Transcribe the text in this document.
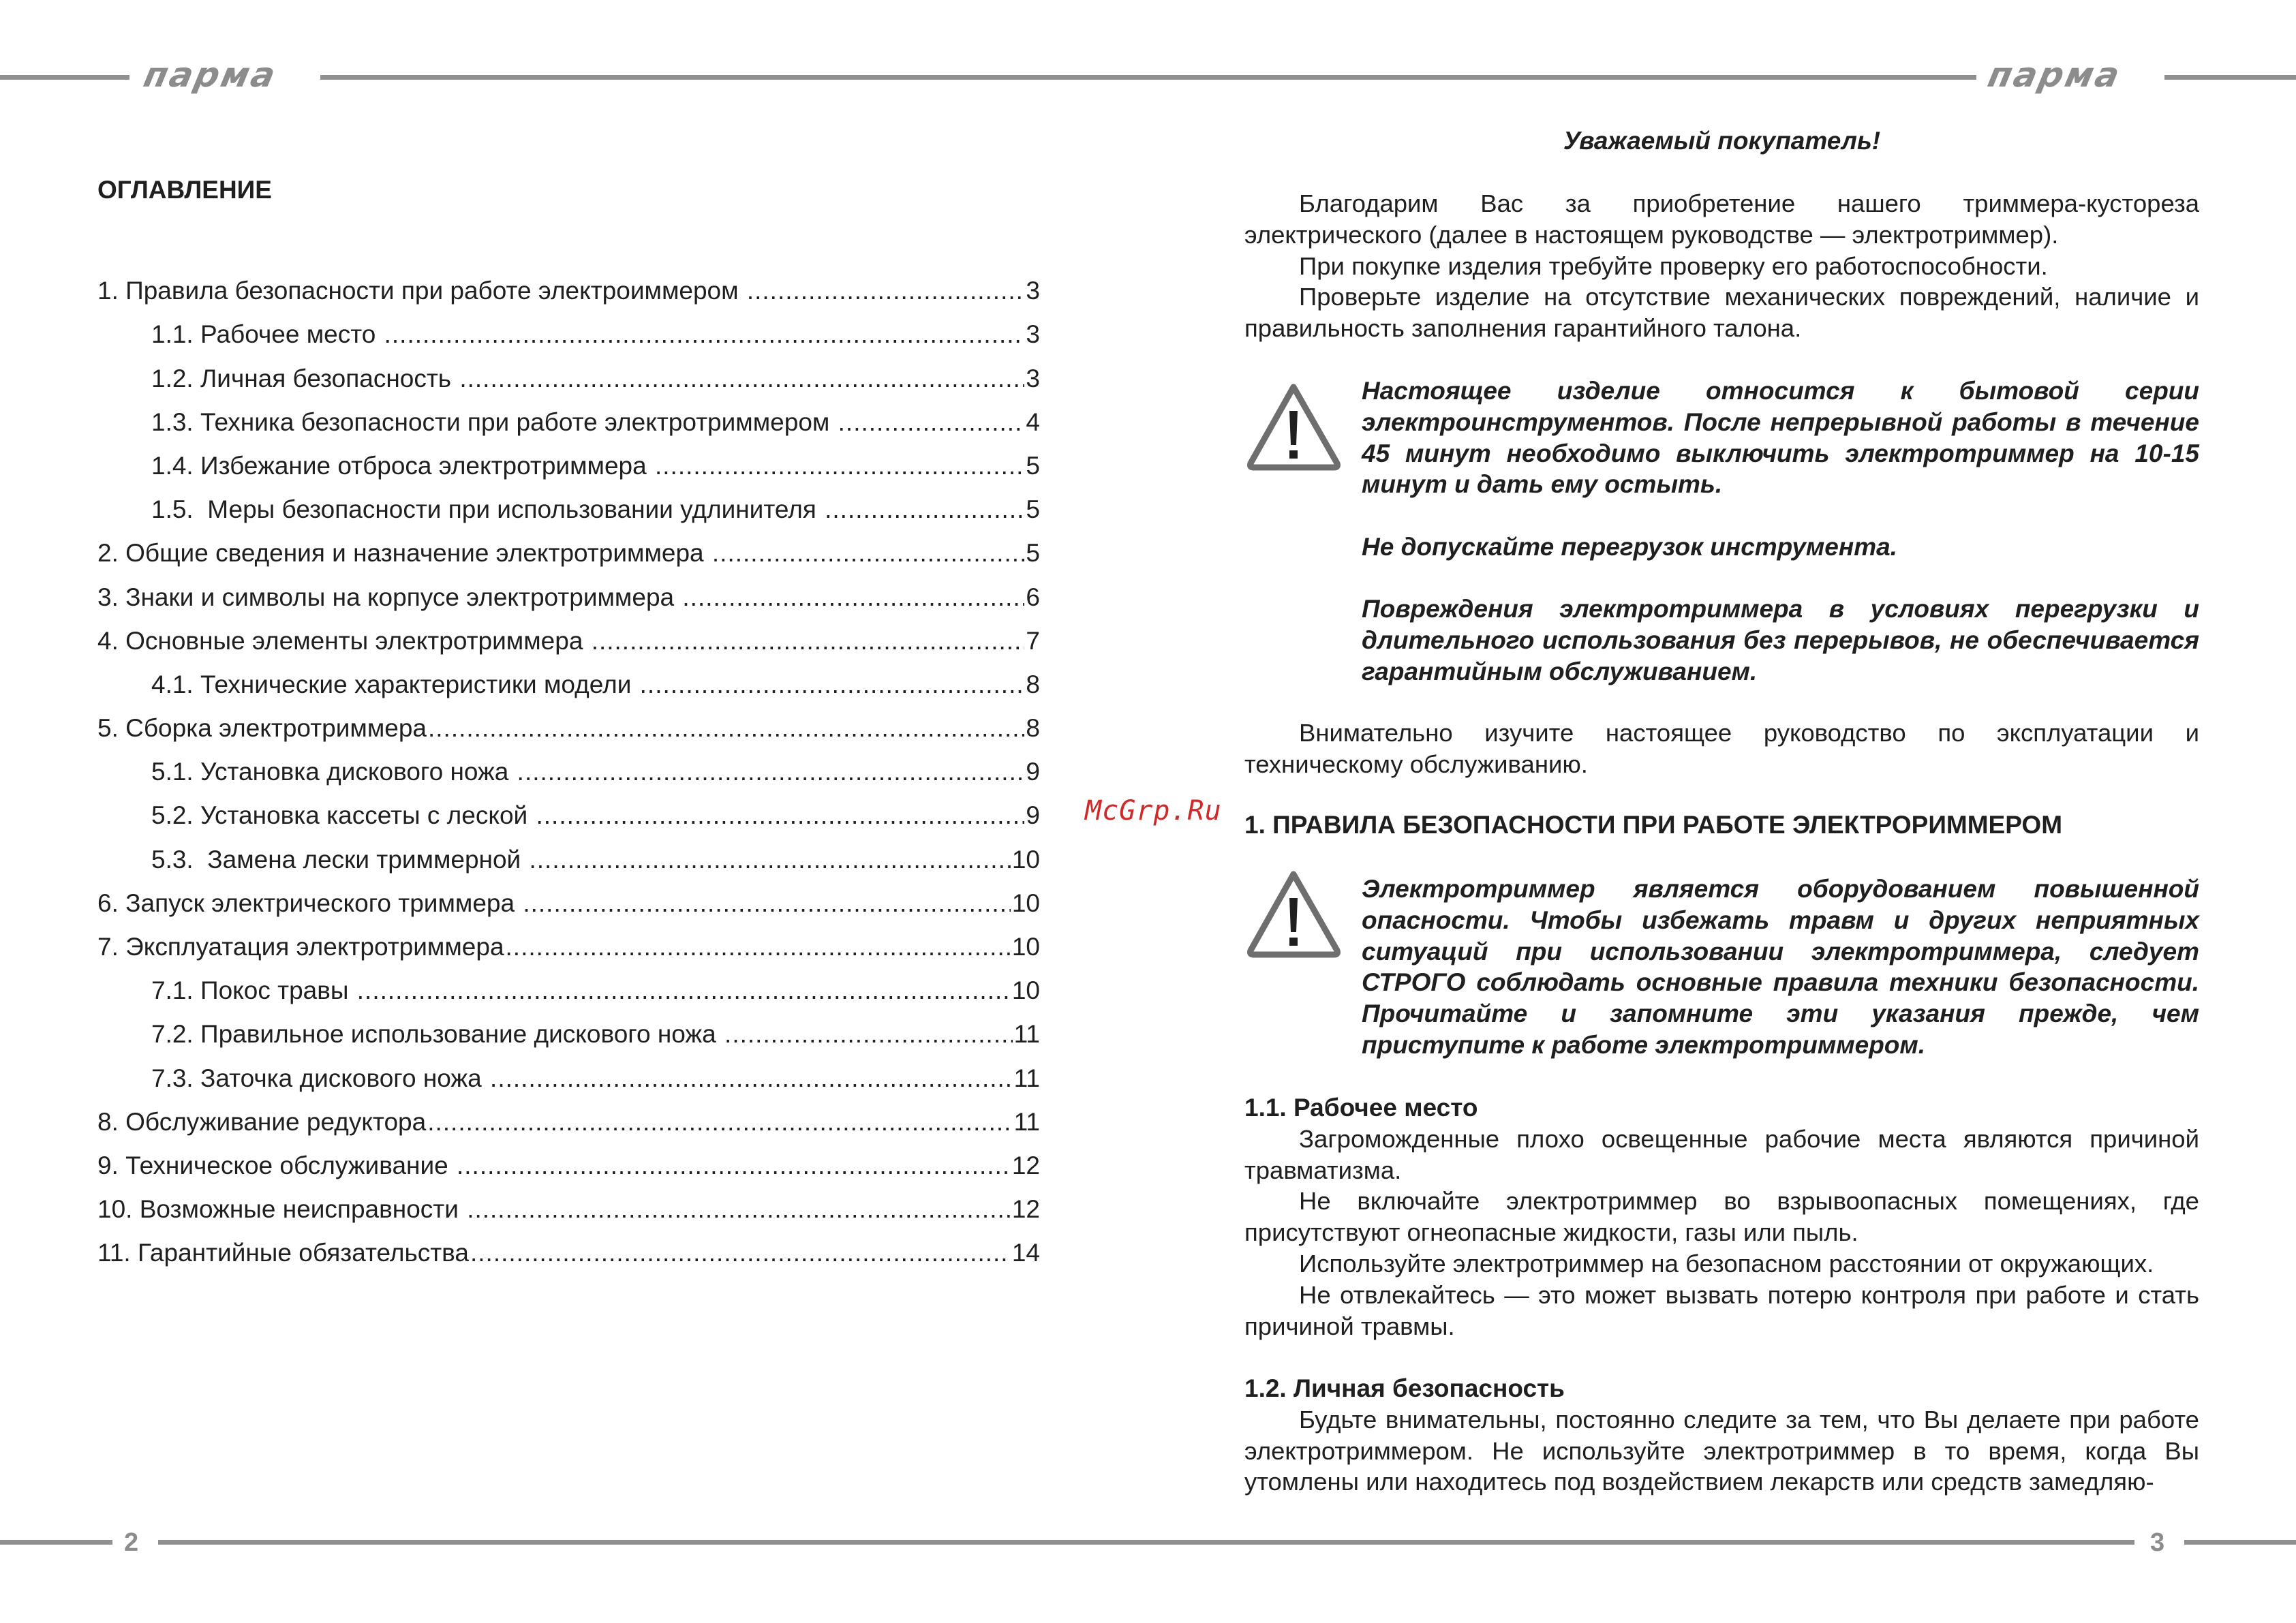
парма	парма
ОГЛАВЛЕНИЕ
1. Правила безопасности при работе электроиммером .....	3
1.1. Рабочее место .....	3
1.2. Личная безопасность .....	3
1.3. Техника безопасности при работе электротриммером .....	4
1.4. Избежание отброса электротриммера .....	5
1.5.  Меры безопасности при использовании удлинителя .....	5
2. Общие сведения и назначение электротриммера .....	5
3. Знаки и символы на корпусе электротриммера .....	6
4. Основные элементы электротриммера .....	7
4.1. Технические характеристики модели .....	8
5. Сборка электротриммера .....	8
5.1. Установка дискового ножа .....	9
5.2. Установка кассеты с леской .....	9
5.3.  Замена лески триммерной .....	10
6. Запуск электрического триммера .....	10
7. Эксплуатация электротриммера .....	10
7.1. Покос травы .....	10
7.2. Правильное использование дискового ножа .....	11
7.3. Заточка дискового ножа .....	11
8. Обслуживание редуктора .....	11
9. Техническое обслуживание .....	12
10. Возможные неисправности .....	12
11. Гарантийные обязательства .....	14
McGrp.Ru
Уважаемый покупатель!

Благодарим Вас за приобретение нашего триммера-кустореза электрического (далее в настоящем руководстве — электротриммер).

При покупке изделия требуйте проверку его работоспособности.

Проверьте изделие на отсутствие механических повреждений, наличие и правильность заполнения гарантийного талона.

Настоящее изделие относится к бытовой серии электроинструментов. После непрерывной работы в течение 45 минут необходимо выключить электротриммер на 10-15 минут и дать ему остыть.

Не допускайте перегрузок инструмента.

Повреждения электротриммера в условиях перегрузки и длительного использования без перерывов, не обеспечивается гарантийным обслуживанием.

Внимательно изучите настоящее руководство по эксплуатации и техническому обслуживанию.

1. ПРАВИЛА БЕЗОПАСНОСТИ ПРИ РАБОТЕ ЭЛЕКТРОРИММЕРОМ

Электротриммер является оборудованием повышенной опасности. Чтобы избежать травм и других неприятных ситуаций при использовании электротриммера, следует СТРОГО соблюдать основные правила техники безопасности. Прочитайте и запомните эти указания прежде, чем приступите к работе электротриммером.

1.1. Рабочее место

Загроможденные плохо освещенные рабочие места являются причиной травматизма.

Не включайте электротриммер во взрывоопасных помещениях, где присутствуют огнеопасные жидкости, газы или пыль.

Используйте электротриммер на безопасном расстоянии от окружающих.

Не отвлекайтесь — это может вызвать потерю контроля при работе и стать причиной травмы.

1.2. Личная безопасность

Будьте внимательны, постоянно следите за тем, что Вы делаете при работе электротриммером. Не используйте электротриммер в то время, когда Вы утомлены или находитесь под воздействием лекарств или средств замедляю-

2	3
